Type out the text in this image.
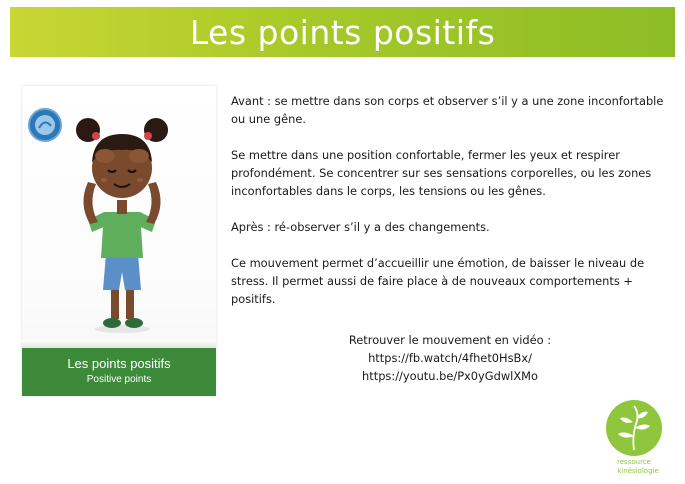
Les points positifs
Les points positifs
Positive points

Avant : se mettre dans son corps et observer s’il y a une zone inconfortable ou une gêne.

Se mettre dans une position confortable, fermer les yeux et respirer profondément. Se concentrer sur ses sensations corporelles, ou les zones inconfortables dans le corps, les tensions ou les gênes.

Après : ré-observer s’il y a des changements.

Ce mouvement permet d’accueillir une émotion, de baisser le niveau de stress. Il permet aussi de faire place à de nouveaux comportements + positifs.

Retrouver le mouvement en vidéo :
https://fb.watch/4fhet0HsBx/
https://youtu.be/Px0yGdwlXMo
ressource
kinésiologie
